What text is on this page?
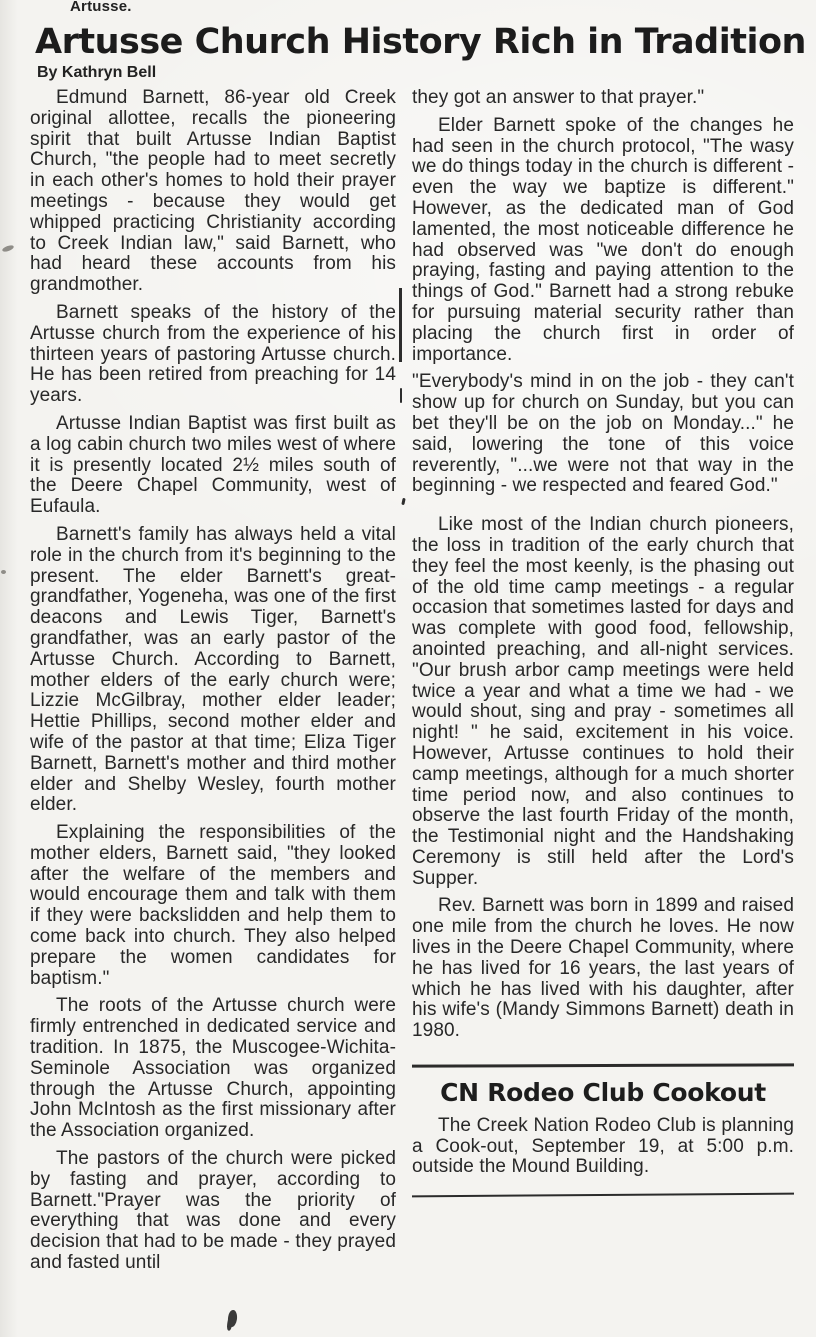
Artusse.
Artusse Church History Rich in Tradition
By Kathryn Bell

Edmund Barnett, 86-year old Creek original allottee, recalls the pioneering spirit that built Artusse Indian Baptist Church, "the people had to meet secretly in each other's homes to hold their prayer meetings - because they would get whipped practicing Christianity according to Creek Indian law," said Barnett, who had heard these accounts from his grandmother.

Barnett speaks of the history of the Artusse church from the experience of his thirteen years of pastoring Artusse church. He has been retired from preaching for 14 years.

Artusse Indian Baptist was first built as a log cabin church two miles west of where it is presently located 2½ miles south of the Deere Chapel Community, west of Eufaula.

Barnett's family has always held a vital role in the church from it's beginning to the present. The elder Barnett's great-grandfather, Yogeneha, was one of the first deacons and Lewis Tiger, Barnett's grandfather, was an early pastor of the Artusse Church. According to Barnett, mother elders of the early church were; Lizzie McGilbray, mother elder leader; Hettie Phillips, second mother elder and wife of the pastor at that time; Eliza Tiger Barnett, Barnett's mother and third mother elder and Shelby Wesley, fourth mother elder.

Explaining the responsibilities of the mother elders, Barnett said, "they looked after the welfare of the members and would encourage them and talk with them if they were backslidden and help them to come back into church. They also helped prepare the women candidates for baptism."

The roots of the Artusse church were firmly entrenched in dedicated service and tradition. In 1875, the Muscogee-Wichita-Seminole Association was organized through the Artusse Church, appointing John McIntosh as the first missionary after the Association organized.

The pastors of the church were picked by fasting and prayer, according to Barnett."Prayer was the priority of everything that was done and every decision that had to be made - they prayed and fasted until

they got an answer to that prayer."

Elder Barnett spoke of the changes he had seen in the church protocol, "The wasy we do things today in the church is different - even the way we baptize is different." However, as the dedicated man of God lamented, the most noticeable difference he had observed was "we don't do enough praying, fasting and paying attention to the things of God." Barnett had a strong rebuke for pursuing material security rather than placing the church first in order of importance.

"Everybody's mind in on the job - they can't show up for church on Sunday, but you can bet they'll be on the job on Monday..." he said, lowering the tone of this voice reverently, "...we were not that way in the beginning - we respected and feared God."

Like most of the Indian church pioneers, the loss in tradition of the early church that they feel the most keenly, is the phasing out of the old time camp meetings - a regular occasion that sometimes lasted for days and was complete with good food, fellowship, anointed preaching, and all-night services. "Our brush arbor camp meetings were held twice a year and what a time we had - we would shout, sing and pray - sometimes all night! " he said, excitement in his voice. However, Artusse continues to hold their camp meetings, although for a much shorter time period now, and also continues to observe the last fourth Friday of the month, the Testimonial night and the Handshaking Ceremony is still held after the Lord's Supper.

Rev. Barnett was born in 1899 and raised one mile from the church he loves. He now lives in the Deere Chapel Community, where he has lived for 16 years, the last years of which he has lived with his daughter, after his wife's (Mandy Simmons Barnett) death in 1980.

CN Rodeo Club Cookout

The Creek Nation Rodeo Club is planning a Cook-out, September 19, at 5:00 p.m. outside the Mound Building.
